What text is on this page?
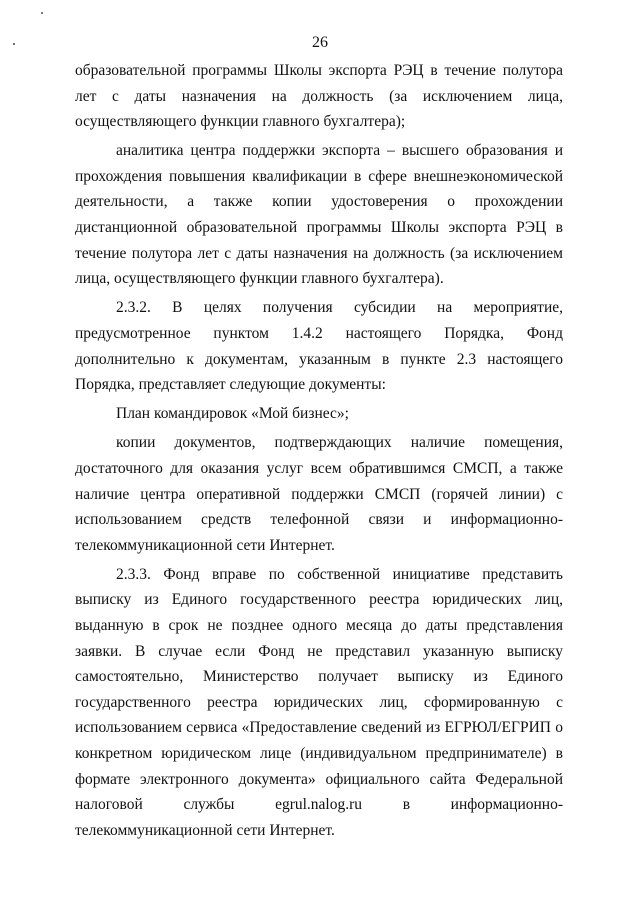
26

образовательной программы Школы экспорта РЭЦ в течение полутора лет с даты назначения на должность (за исключением лица, осуществляющего функции главного бухгалтера);

аналитика центра поддержки экспорта – высшего образования и прохождения повышения квалификации в сфере внешнеэкономической деятельности, а также копии удостоверения о прохождении дистанционной образовательной программы Школы экспорта РЭЦ в течение полутора лет с даты назначения на должность (за исключением лица, осуществляющего функции главного бухгалтера).

2.3.2. В целях получения субсидии на мероприятие, предусмотренное пунктом 1.4.2 настоящего Порядка, Фонд дополнительно к документам, указанным в пункте 2.3 настоящего Порядка, представляет следующие документы:

План командировок «Мой бизнес»;

копии документов, подтверждающих наличие помещения, достаточного для оказания услуг всем обратившимся СМСП, а также наличие центра оперативной поддержки СМСП (горячей линии) с использованием средств телефонной связи и информационно-телекоммуникационной сети Интернет.

2.3.3. Фонд вправе по собственной инициативе представить выписку из Единого государственного реестра юридических лиц, выданную в срок не позднее одного месяца до даты представления заявки. В случае если Фонд не представил указанную выписку самостоятельно, Министерство получает выписку из Единого государственного реестра юридических лиц, сформированную с использованием сервиса «Предоставление сведений из ЕГРЮЛ/ЕГРИП о конкретном юридическом лице (индивидуальном предпринимателе) в формате электронного документа» официального сайта Федеральной налоговой службы egrul.nalog.ru в информационно-телекоммуникационной сети Интернет.
